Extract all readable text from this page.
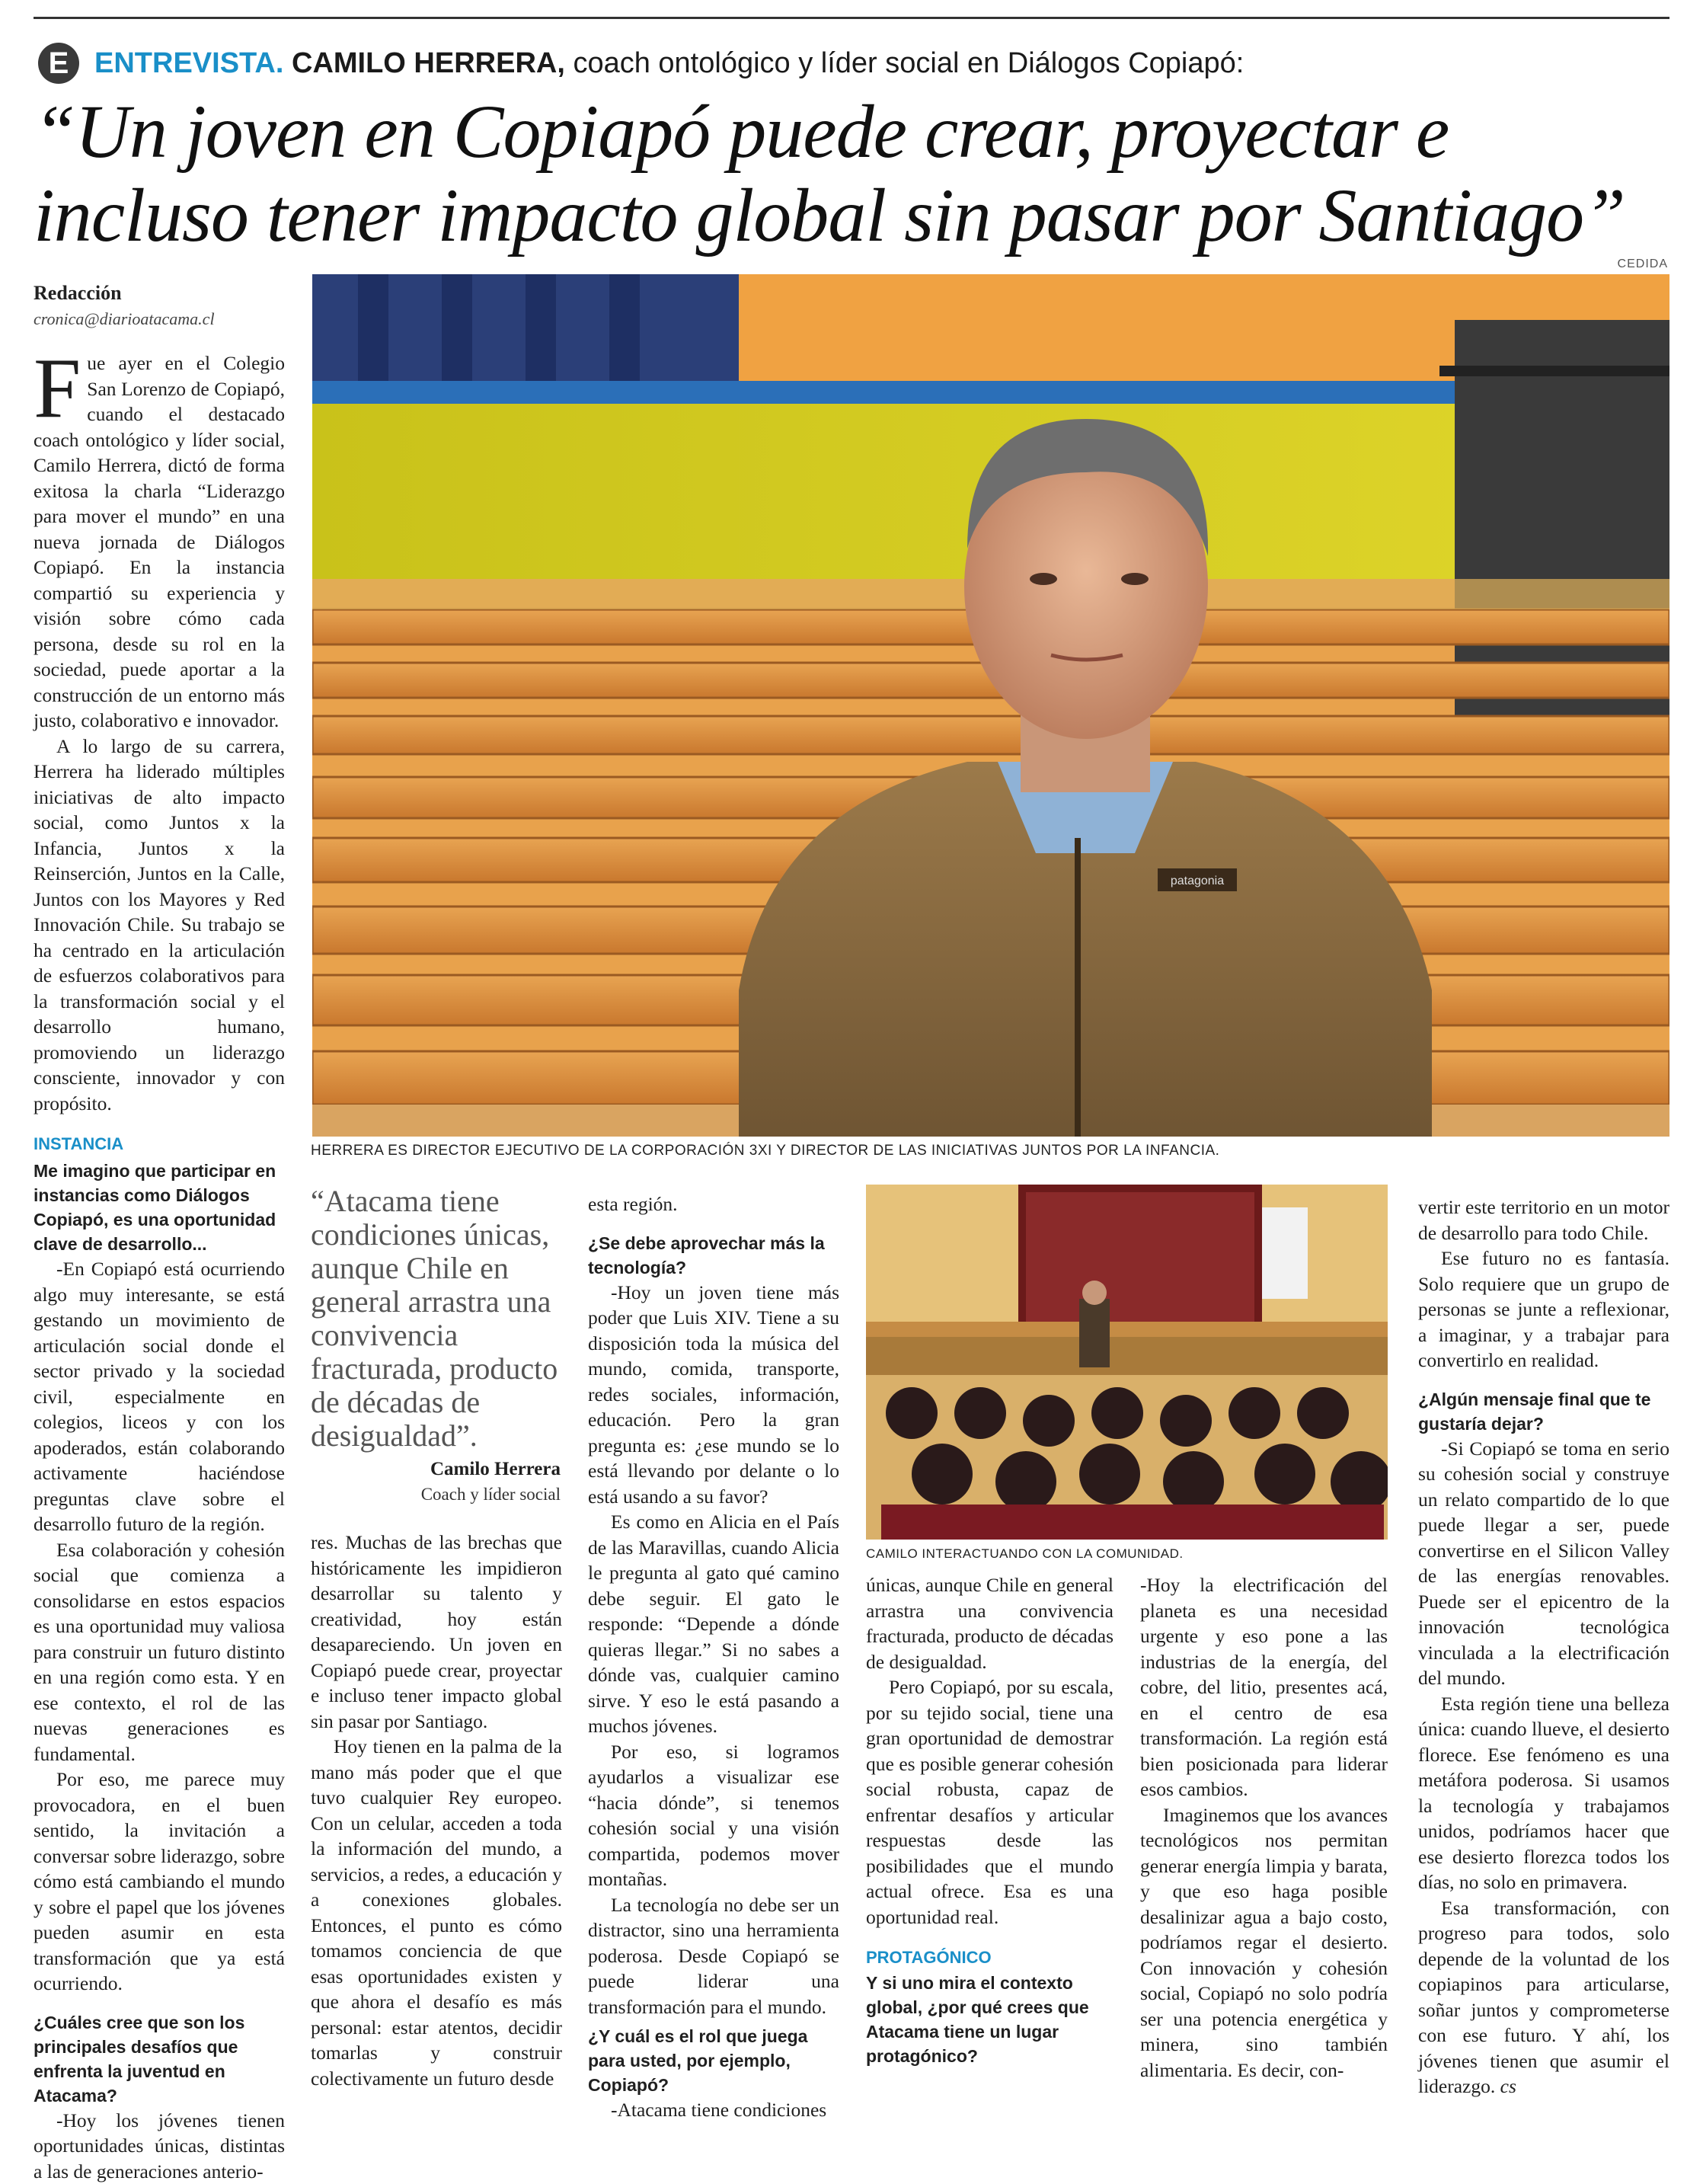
E ENTREVISTA. CAMILO HERRERA, coach ontológico y líder social en Diálogos Copiapó:
“Un joven en Copiapó puede crear, proyectar e incluso tener impacto global sin pasar por Santiago”
CEDIDA
Redacción
cronica@diarioatacama.cl
patagonia
HERRERA ES DIRECTOR EJECUTIVO DE LA CORPORACIÓN 3XI Y DIRECTOR DE LAS INICIATIVAS JUNTOS POR LA INFANCIA.
CAMILO INTERACTUANDO CON LA COMUNIDAD.

Fue ayer en el Colegio San Lorenzo de Copiapó, cuando el destacado coach ontológico y líder social, Camilo Herrera, dictó de forma exitosa la charla “Liderazgo para mover el mundo” en una nueva jornada de Diálogos Copiapó. En la instancia compartió su experiencia y visión sobre cómo cada persona, desde su rol en la sociedad, puede aportar a la construcción de un entorno más justo, colaborativo e innovador.

A lo largo de su carrera, Herrera ha liderado múltiples iniciativas de alto impacto social, como Juntos x la Infancia, Juntos x la Reinserción, Juntos en la Calle, Juntos con los Mayores y Red Innovación Chile. Su trabajo se ha centrado en la articulación de esfuerzos colaborativos para la transformación social y el desarrollo humano, promoviendo un liderazgo consciente, innovador y con propósito.

INSTANCIA

Me imagino que participar en instancias como Diálogos Copiapó, es una oportunidad clave de desarrollo...

-En Copiapó está ocurriendo algo muy interesante, se está gestando un movimiento de articulación social donde el sector privado y la sociedad civil, especialmente en colegios, liceos y con los apoderados, están colaborando activamente haciéndose preguntas clave sobre el desarrollo futuro de la región.

Esa colaboración y cohesión social que comienza a consolidarse en estos espacios es una oportunidad muy valiosa para construir un futuro distinto en una región como esta. Y en ese contexto, el rol de las nuevas generaciones es fundamental.

Por eso, me parece muy provocadora, en el buen sentido, la invitación a conversar sobre liderazgo, sobre cómo está cambiando el mundo y sobre el papel que los jóvenes pueden asumir en esta transformación que ya está ocurriendo.

¿Cuáles cree que son los principales desafíos que enfrenta la juventud en Atacama?

-Hoy los jóvenes tienen oportunidades únicas, distintas a las de generaciones anterio-

“Atacama tiene condiciones únicas, aunque Chile en general arrastra una convivencia fracturada, producto de décadas de desigualdad”.
Camilo Herrera
Coach y líder social

res. Muchas de las brechas que históricamente les impidieron desarrollar su talento y creatividad, hoy están desapareciendo. Un joven en Copiapó puede crear, proyectar e incluso tener impacto global sin pasar por Santiago.

Hoy tienen en la palma de la mano más poder que el que tuvo cualquier Rey europeo. Con un celular, acceden a toda la información del mundo, a servicios, a redes, a educación y a conexiones globales. Entonces, el punto es cómo tomamos conciencia de que esas oportunidades existen y que ahora el desafío es más personal: estar atentos, decidir tomarlas y construir colectivamente un futuro desde

esta región.

¿Se debe aprovechar más la tecnología?

-Hoy un joven tiene más poder que Luis XIV. Tiene a su disposición toda la música del mundo, comida, transporte, redes sociales, información, educación. Pero la gran pregunta es: ¿ese mundo se lo está llevando por delante o lo está usando a su favor?

Es como en Alicia en el País de las Maravillas, cuando Alicia le pregunta al gato qué camino debe seguir. El gato le responde: “Depende a dónde quieras llegar.” Si no sabes a dónde vas, cualquier camino sirve. Y eso le está pasando a muchos jóvenes.

Por eso, si logramos ayudarlos a visualizar ese “hacia dónde”, si tenemos cohesión social y una visión compartida, podemos mover montañas.

La tecnología no debe ser un distractor, sino una herramienta poderosa. Desde Copiapó se puede liderar una transformación para el mundo.

¿Y cuál es el rol que juega para usted, por ejemplo, Copiapó?

-Atacama tiene condiciones

únicas, aunque Chile en general arrastra una convivencia fracturada, producto de décadas de desigualdad.

Pero Copiapó, por su escala, por su tejido social, tiene una gran oportunidad de demostrar que es posible generar cohesión social robusta, capaz de enfrentar desafíos y articular respuestas desde las posibilidades que el mundo actual ofrece. Esa es una oportunidad real.

PROTAGÓNICO

Y si uno mira el contexto global, ¿por qué crees que Atacama tiene un lugar protagónico?

-Hoy la electrificación del planeta es una necesidad urgente y eso pone a las industrias de la energía, del cobre, del litio, presentes acá, en el centro de esa transformación. La región está bien posicionada para liderar esos cambios.

Imaginemos que los avances tecnológicos nos permitan generar energía limpia y barata, y que eso haga posible desalinizar agua a bajo costo, podríamos regar el desierto. Con innovación y cohesión social, Copiapó no solo podría ser una potencia energética y minera, sino también alimentaria. Es decir, con-

vertir este territorio en un motor de desarrollo para todo Chile.

Ese futuro no es fantasía. Solo requiere que un grupo de personas se junte a reflexionar, a imaginar, y a trabajar para convertirlo en realidad.

¿Algún mensaje final que te gustaría dejar?

-Si Copiapó se toma en serio su cohesión social y construye un relato compartido de lo que puede llegar a ser, puede convertirse en el Silicon Valley de las energías renovables. Puede ser el epicentro de la innovación tecnológica vinculada a la electrificación del mundo.

Esta región tiene una belleza única: cuando llueve, el desierto florece. Ese fenómeno es una metáfora poderosa. Si usamos la tecnología y trabajamos unidos, podríamos hacer que ese desierto florezca todos los días, no solo en primavera.

Esa transformación, con progreso para todos, solo depende de la voluntad de los copiapinos para articularse, soñar juntos y comprometerse con ese futuro. Y ahí, los jóvenes tienen que asumir el liderazgo. cs
